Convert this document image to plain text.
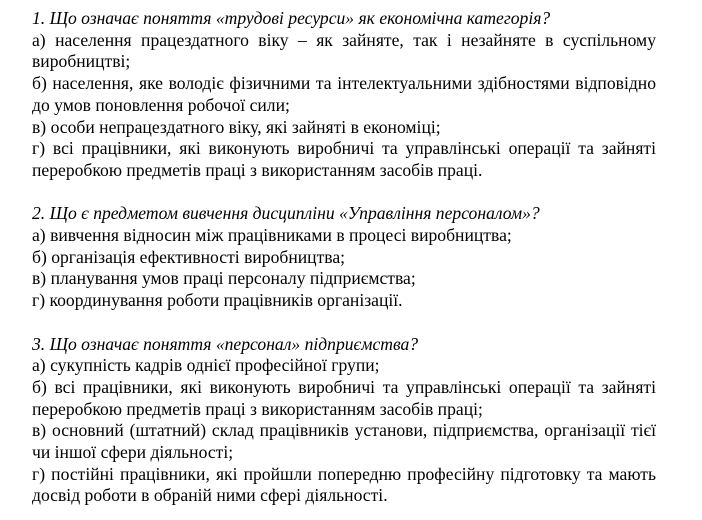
1. Що означає поняття «трудові ресурси» як економічна категорія?

а) населення працездатного віку – як зайняте, так і незайняте в суспільному виробництві;

б) населення, яке володіє фізичними та інтелектуальними здібностями відповідно до умов поновлення робочої сили;

в) особи непрацездатного віку, які зайняті в економіці;

г) всі працівники, які виконують виробничі та управлінські операції та зайняті переробкою предметів праці з використанням засобів праці.

2. Що є предметом вивчення дисципліни «Управління персоналом»?

а) вивчення відносин між працівниками в процесі виробництва;

б) організація ефективності виробництва;

в) планування умов праці персоналу підприємства;

г) координування роботи працівників організації.

3. Що означає поняття «персонал» підприємства?

а) сукупність кадрів однієї професійної групи;

б) всі працівники, які виконують виробничі та управлінські операції та зайняті переробкою предметів праці з використанням засобів праці;

в) основний (штатний) склад працівників установи, підприємства, організації тієї чи іншої сфери діяльності;

г) постійні працівники, які пройшли попередню професійну підготовку та мають досвід роботи в обраній ними сфері діяльності.
